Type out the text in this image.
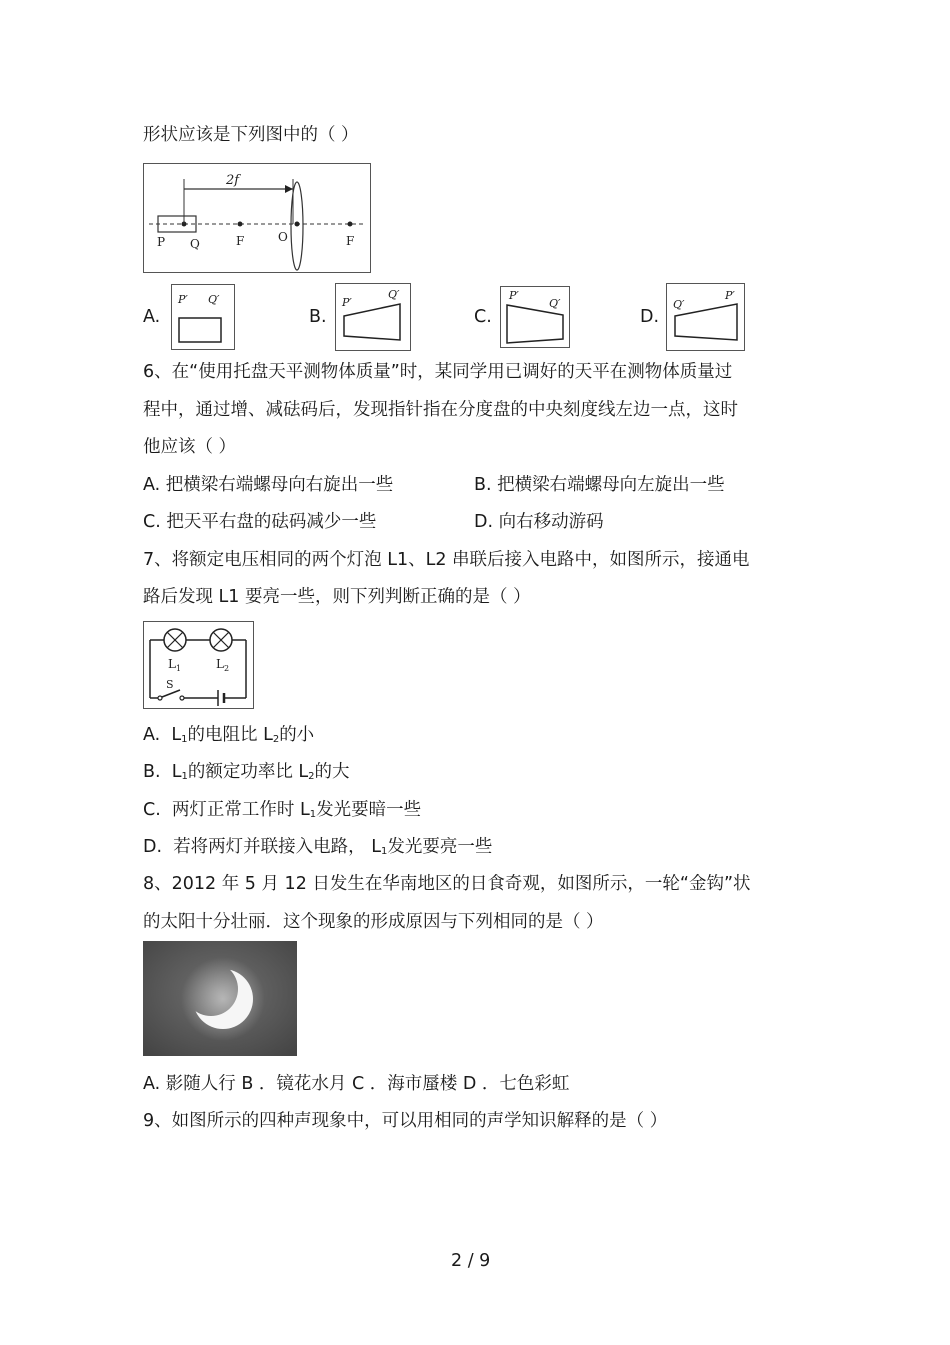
形状应该是下列图中的（ ）
2f
P Q	F	O	F
A.
P′ Q′
B.
P′
Q′
C.
P′
Q′
D.
Q′
P′
6、在“使用托盘天平测物体质量”时，某同学用已调好的天平在测物体质量过
程中，通过增、减砝码后，发现指针指在分度盘的中央刻度线左边一点，这时
他应该（ ）
A. 把横梁右端螺母向右旋出一些	B. 把横梁右端螺母向左旋出一些
C. 把天平右盘的砝码减少一些	D. 向右移动游码
7、将额定电压相同的两个灯泡 L1、L2 串联后接入电路中，如图所示，接通电
路后发现 L1 要亮一些，则下列判断正确的是（ ）
$L_1$	$L_2$
S
A. $L_1$的电阻比 $L_2$的小
B. $L_1$的额定功率比 $L_2$的大
C. 两灯正常工作时 $L_1$发光要暗一些
D. 若将两灯并联接入电路， $L_1$发光要亮一些
8、2012 年 5 月 12 日发生在华南地区的日食奇观，如图所示，一轮“金钩”状
的太阳十分壮丽．这个现象的形成原因与下列相同的是（ ）
A. 影随人行 B ．镜花水月 C ．海市蜃楼 D ．七色彩虹
9、如图所示的四种声现象中，可以用相同的声学知识解释的是（ ）
2 / 9
